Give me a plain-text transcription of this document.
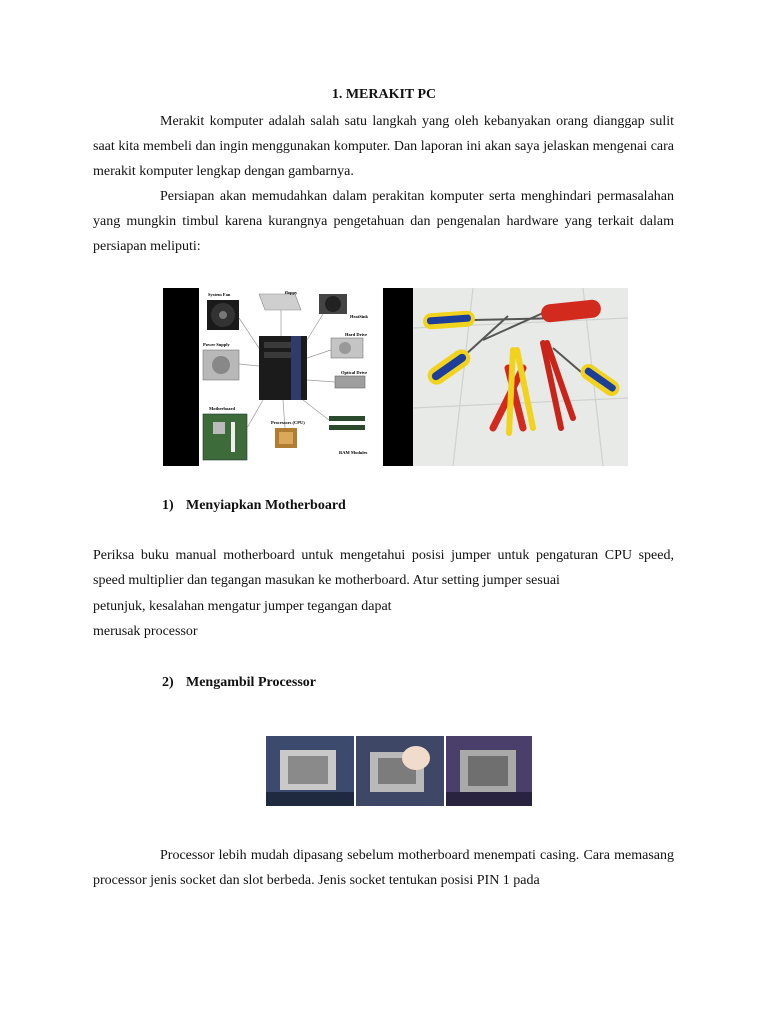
1. MERAKIT PC

Merakit komputer adalah salah satu langkah yang oleh kebanyakan orang dianggap sulit saat kita membeli dan ingin menggunakan komputer. Dan laporan ini akan saya jelaskan mengenai cara merakit komputer lengkap dengan gambarnya.

Persiapan akan memudahkan dalam perakitan komputer serta menghindari permasalahan yang mungkin timbul karena kurangnya pengetahuan dan pengenalan hardware yang terkait dalam persiapan meliputi:

System Fan	floppy
HeatSink
Power Supply
Hard Drive
Optical Drive
Motherboard
Processors (CPU)
RAM Modules
1) Menyiapkan Motherboard

Periksa buku manual motherboard untuk mengetahui posisi jumper untuk pengaturan CPU speed, speed multiplier dan tegangan masukan ke motherboard. Atur setting jumper sesuai

petunjuk, kesalahan mengatur jumper tegangan dapat
merusak processor
2) Mengambil Processor

Processor lebih mudah dipasang sebelum motherboard menempati casing. Cara memasang processor jenis socket dan slot berbeda. Jenis socket tentukan posisi PIN 1 pada
